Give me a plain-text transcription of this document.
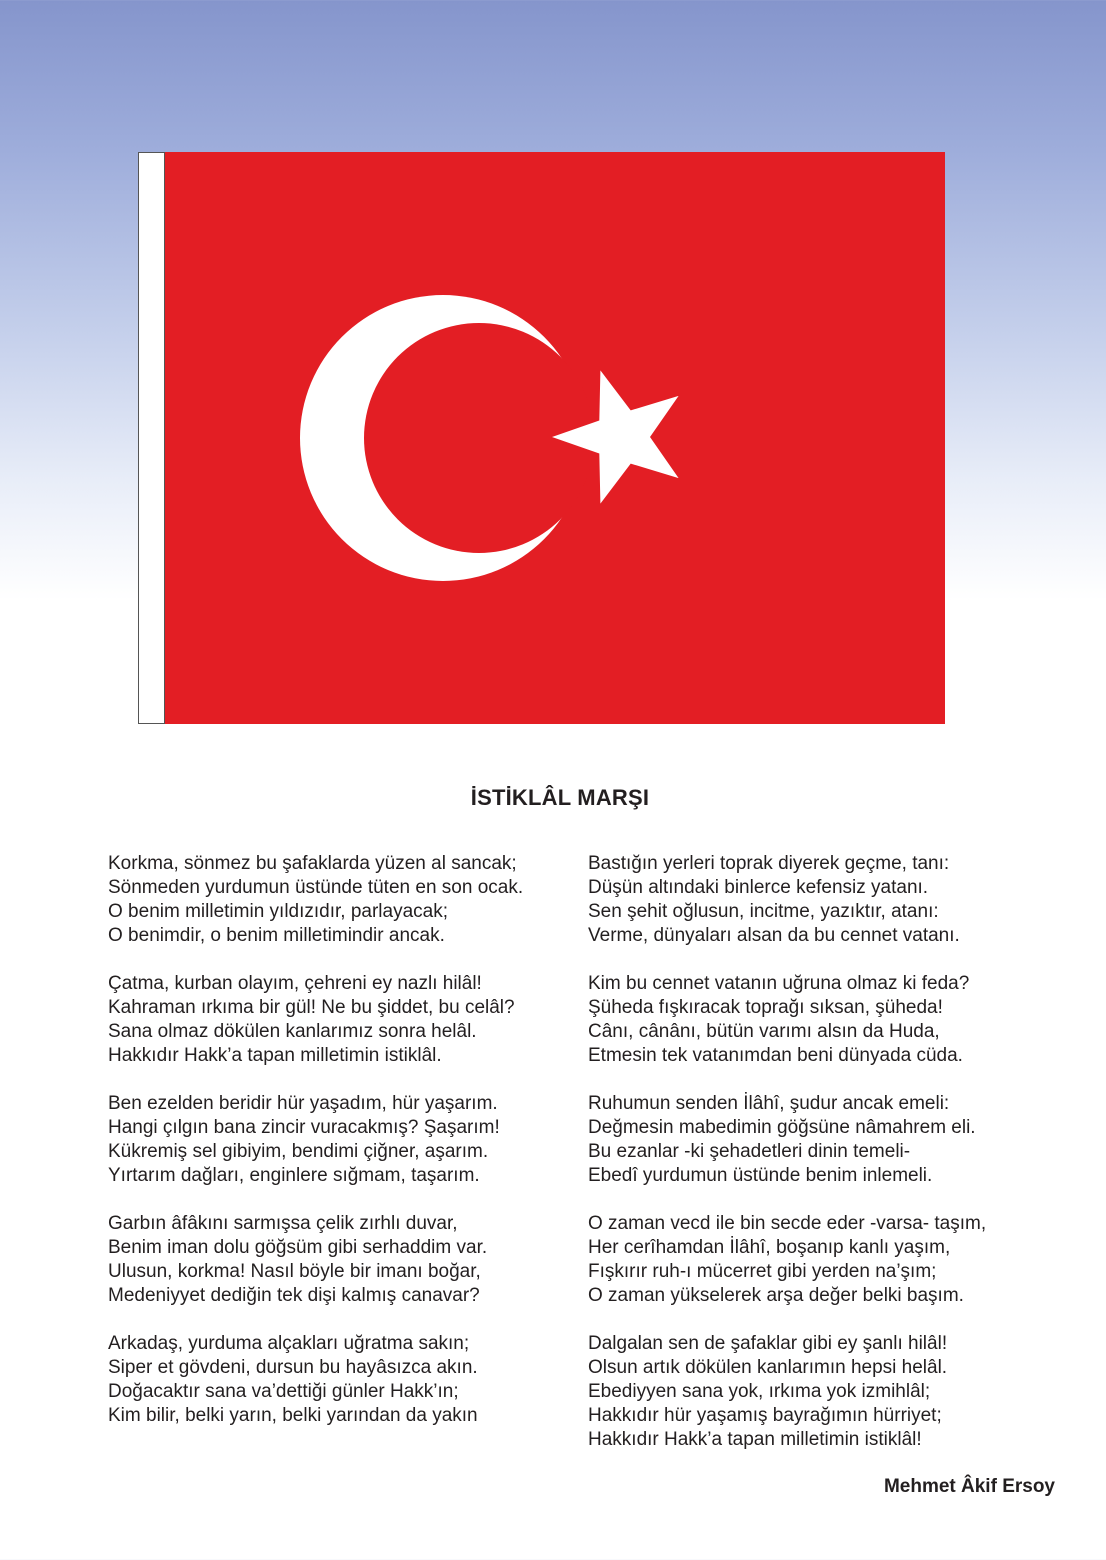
İSTİKLÂL MARŞI
Korkma, sönmez bu şafaklarda yüzen al sancak;
Sönmeden yurdumun üstünde tüten en son ocak.
O benim milletimin yıldızıdır, parlayacak;
O benimdir, o benim milletimindir ancak.
Çatma, kurban olayım, çehreni ey nazlı hilâl!
Kahraman ırkıma bir gül! Ne bu şiddet, bu celâl?
Sana olmaz dökülen kanlarımız sonra helâl.
Hakkıdır Hakk’a tapan milletimin istiklâl.
Ben ezelden beridir hür yaşadım, hür yaşarım.
Hangi çılgın bana zincir vuracakmış? Şaşarım!
Kükremiş sel gibiyim, bendimi çiğner, aşarım.
Yırtarım dağları, enginlere sığmam, taşarım.
Garbın âfâkını sarmışsa çelik zırhlı duvar,
Benim iman dolu göğsüm gibi serhaddim var.
Ulusun, korkma! Nasıl böyle bir imanı boğar,
Medeniyyet dediğin tek dişi kalmış canavar?
Arkadaş, yurduma alçakları uğratma sakın;
Siper et gövdeni, dursun bu hayâsızca akın.
Doğacaktır sana va’dettiği günler Hakk’ın;
Kim bilir, belki yarın, belki yarından da yakın
Bastığın yerleri toprak diyerek geçme, tanı:
Düşün altındaki binlerce kefensiz yatanı.
Sen şehit oğlusun, incitme, yazıktır, atanı:
Verme, dünyaları alsan da bu cennet vatanı.
Kim bu cennet vatanın uğruna olmaz ki feda?
Şüheda fışkıracak toprağı sıksan, şüheda!
Cânı, cânânı, bütün varımı alsın da Huda,
Etmesin tek vatanımdan beni dünyada cüda.
Ruhumun senden İlâhî, şudur ancak emeli:
Değmesin mabedimin göğsüne nâmahrem eli.
Bu ezanlar -ki şehadetleri dinin temeli-
Ebedî yurdumun üstünde benim inlemeli.
O zaman vecd ile bin secde eder -varsa- taşım,
Her cerîhamdan İlâhî, boşanıp kanlı yaşım,
Fışkırır ruh-ı mücerret gibi yerden na’şım;
O zaman yükselerek arşa değer belki başım.
Dalgalan sen de şafaklar gibi ey şanlı hilâl!
Olsun artık dökülen kanlarımın hepsi helâl.
Ebediyyen sana yok, ırkıma yok izmihlâl;
Hakkıdır hür yaşamış bayrağımın hürriyet;
Hakkıdır Hakk’a tapan milletimin istiklâl!
Mehmet Âkif Ersoy
